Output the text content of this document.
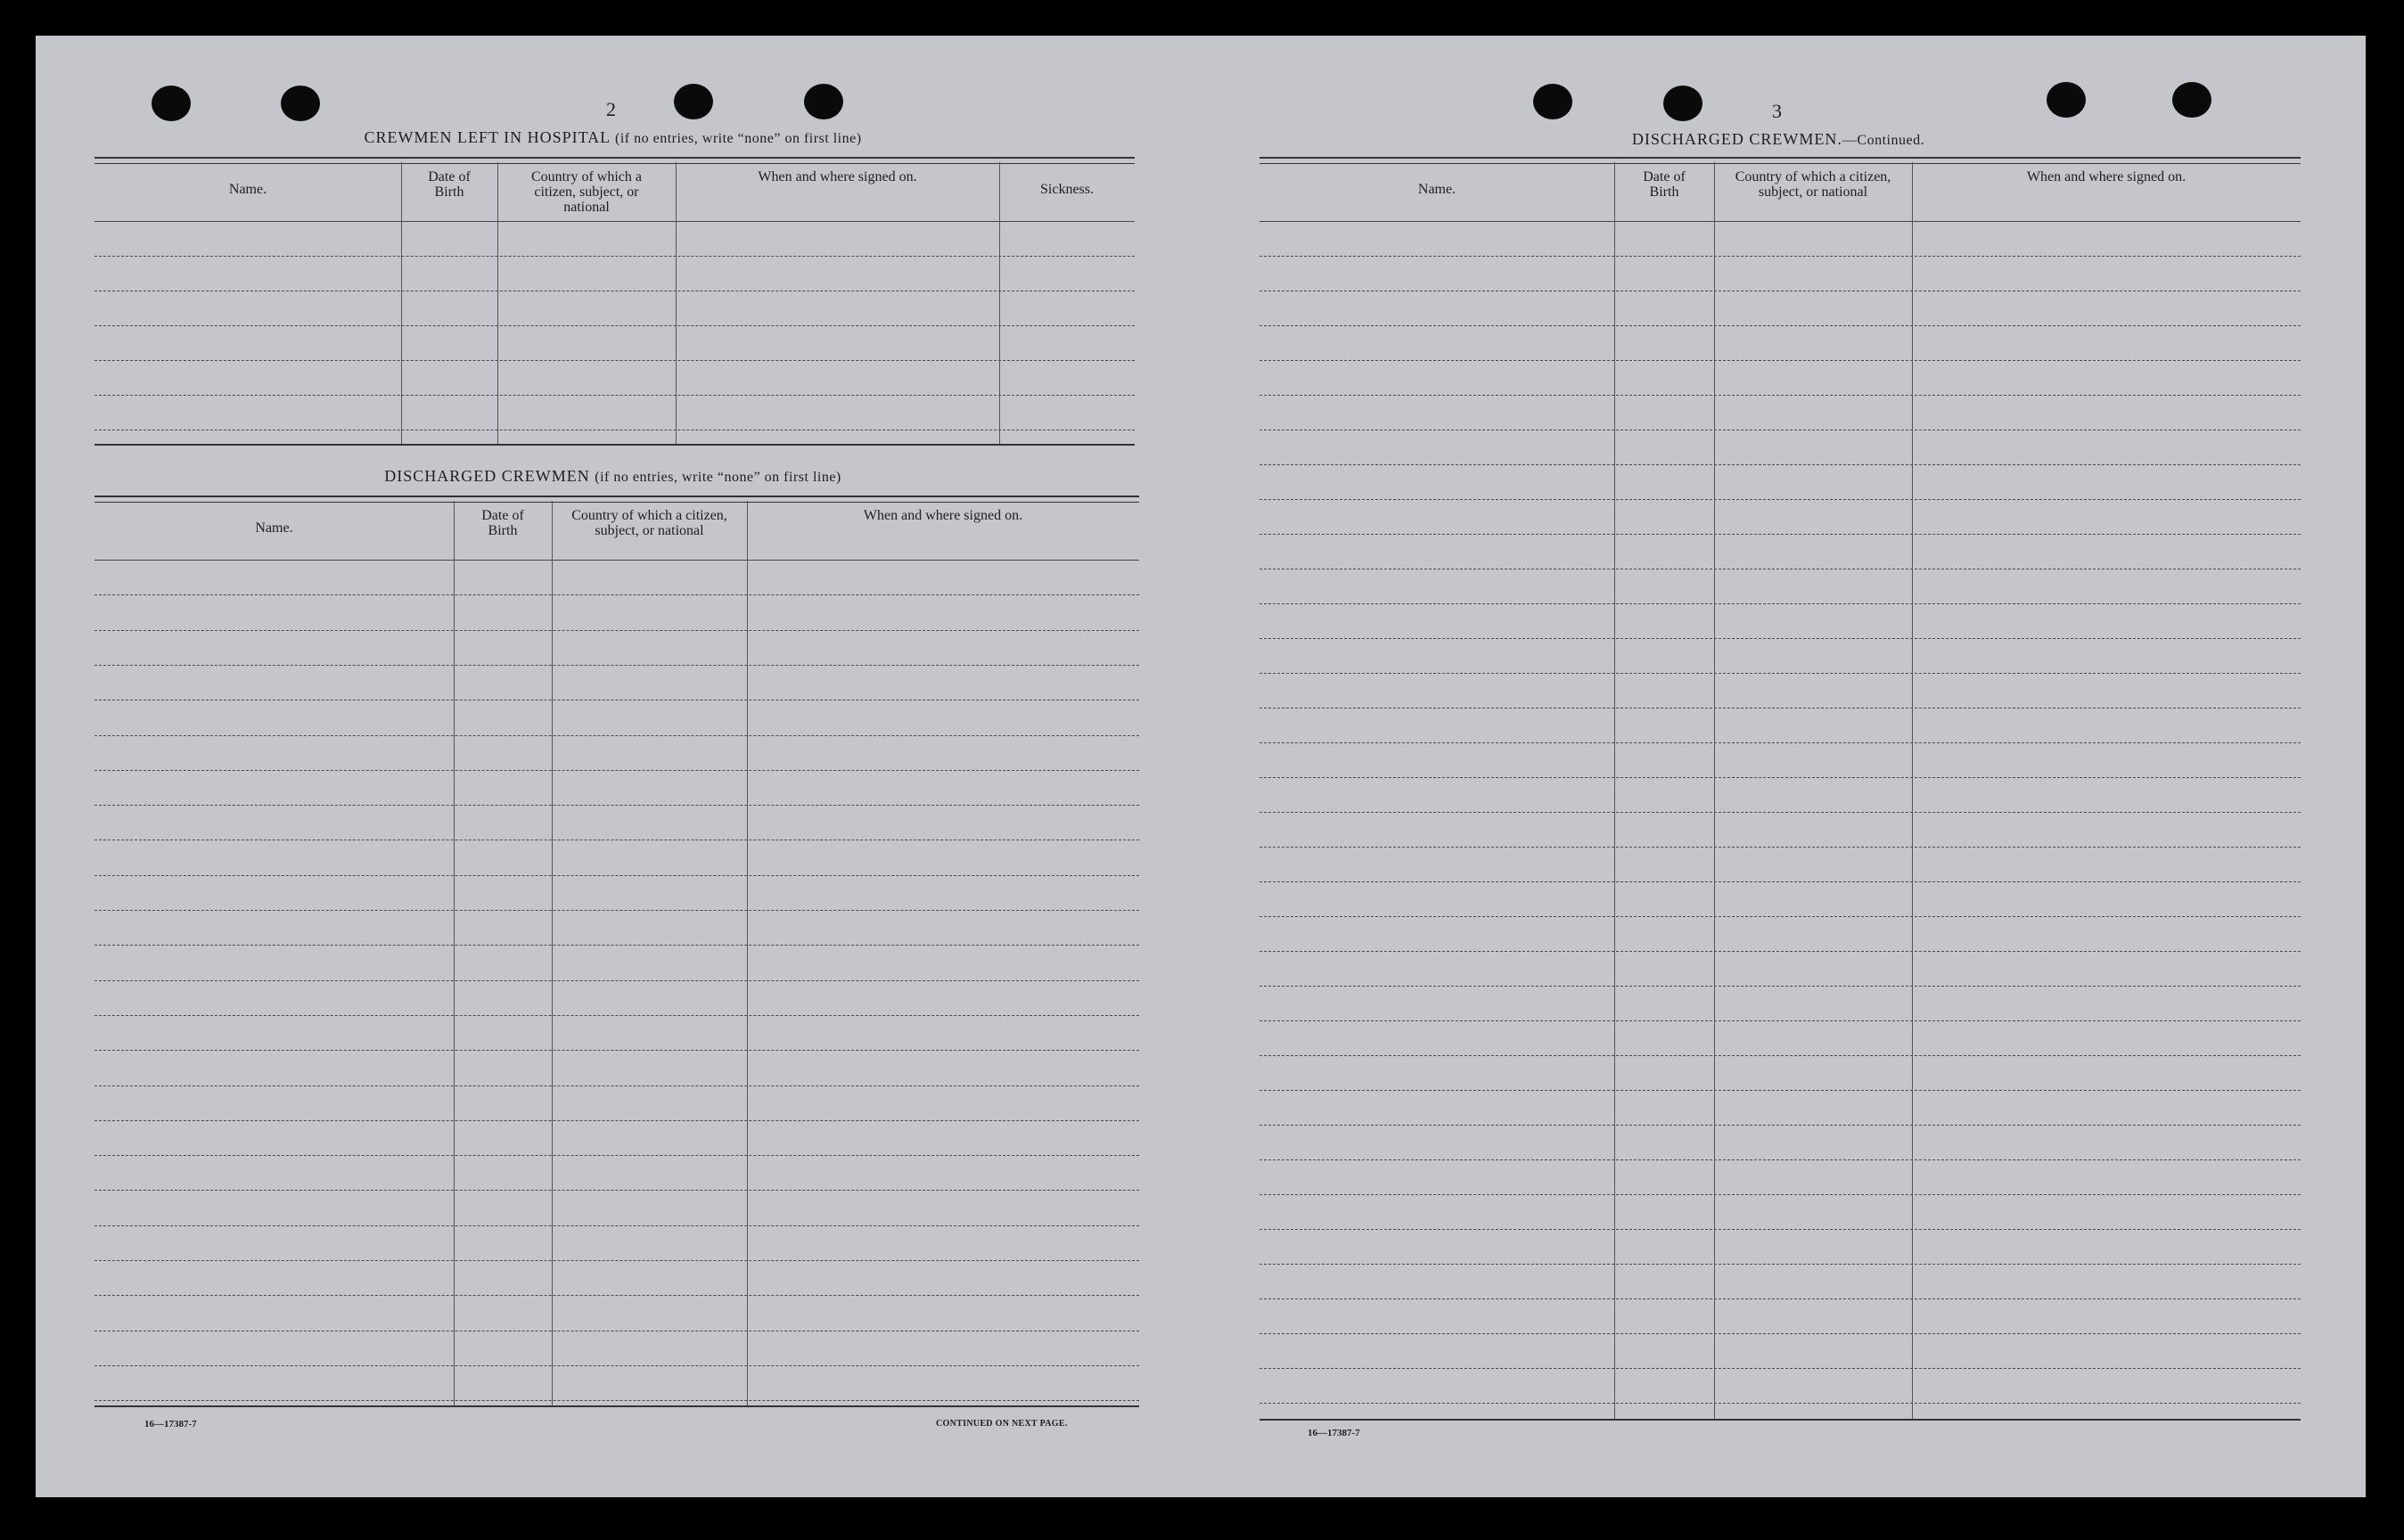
2
CREWMEN LEFT IN HOSPITAL (if no entries, write “none” on first line)
Name.
Date of Birth
Country of which a citizen, subject, or national
When and where signed on.
Sickness.
DISCHARGED CREWMEN (if no entries, write “none” on first line)
Name.
Date of Birth
Country of which a citizen, subject, or national
When and where signed on.
16—17387-7	CONTINUED ON NEXT PAGE.
3
DISCHARGED CREWMEN.—Continued.
Name.
Date of Birth
Country of which a citizen, subject, or national
When and where signed on.
16—17387-7
